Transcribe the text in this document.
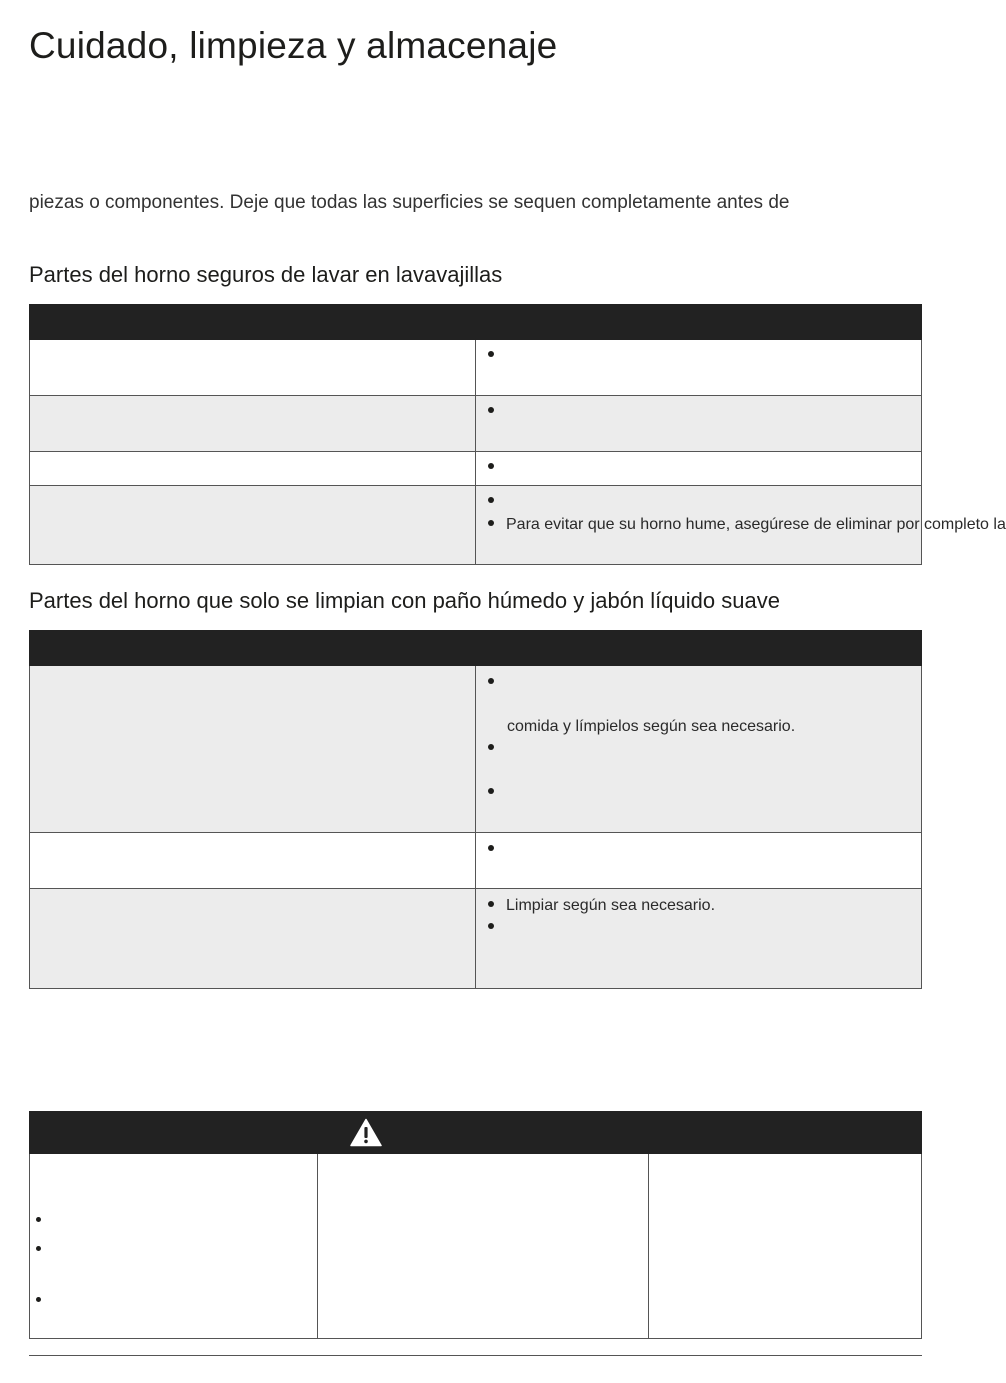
Cuidado, limpieza y almacenaje
piezas o componentes. Deje que todas las superficies se sequen completamente antes de
Partes del horno seguros de lavar en lavavajillas

	Para evitar que su horno hume, asegúrese de eliminar por completo la
Partes del horno que solo se limpian con paño húmedo y jabón líquido suave

	comida y límpielos según sea necesario.

	Limpiar según sea necesario.
